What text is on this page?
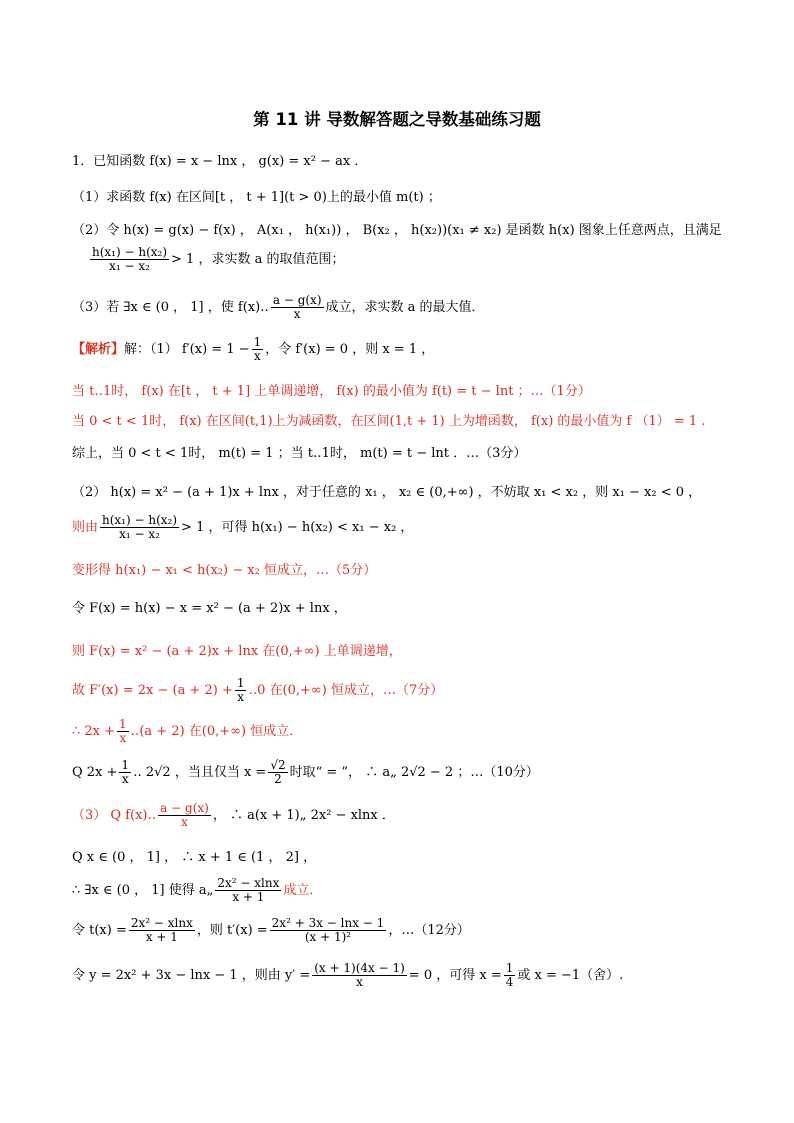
第 11 讲 导数解答题之导数基础练习题
1．已知函数 f(x) = x − lnx ， g(x) = x² − ax ．
（1）求函数 f(x) 在区间[t ， t + 1](t > 0)上的最小值 m(t) ；
（2）令 h(x) = g(x) − f(x) ， A(x₁ ， h(x₁)) ， B(x₂ ， h(x₂))(x₁ ≠ x₂) 是函数 h(x) 图象上任意两点，且满足
$\frac{\text{h(x₁) − h(x₂)}}{\text{x₁ − x₂}} > 1$ ，求实数 a 的取值范围；
（3）若 ∃x ∈ (0 ， 1] ，使 f(x)‥ $\frac{a - g(x)}{x}$ 成立，求实数 a 的最大值．
【解析】解：（1） $f'(x) = 1 - \frac{1}{x}$ ，令 f′(x) = 0 ，则 x = 1 ，
当 t‥1时， f(x) 在[t ， t + 1] 上单调递增， f(x) 的最小值为 f(t) = t − lnt ；…（1分）
当 0 < t < 1时， f(x) 在区间(t,1)上为减函数，在区间(1,t + 1) 上为增函数， f(x) 的最小值为 f （1） = 1 .
综上，当 0 < t < 1时， m(t) = 1 ；当 t‥1时， m(t) = t − lnt ．…（3分）
（2） h(x) = x² − (a + 1)x + lnx ，对于任意的 x₁ ， x₂ ∈ (0,+∞) ，不妨取 x₁ < x₂ ，则 x₁ − x₂ < 0 ，
则由 $\frac{\text{h(x₁) − h(x₂)}}{\text{x₁ − x₂}} > 1$ ，可得 h(x₁) − h(x₂) < x₁ − x₂ ，
变形得 h(x₁) − x₁ < h(x₂) − x₂ 恒成立，…（5分）
令 F(x) = h(x) − x = x² − (a + 2)x + lnx ，
则 F(x) = x² − (a + 2)x + lnx 在(0,+∞) 上单调递增，
故 $F'(x) = 2x - (a + 2) + \frac{1}{x}$ ‥0 在(0,+∞) 恒成立，…（7分）
∴ $2x + \frac{1}{x}$ ‥(a + 2) 在(0,+∞) 恒成立．
Q $2x + \frac{1}{x}$ ‥ 2√2 ，当且仅当 $x = \frac{√2}{2}$ 时取“ = ”， ∴ a„ 2√2 − 2 ；…（10分）
（3） Q f(x)‥ $\frac{a - g(x)}{x}$ ， ∴ a(x + 1)„ 2x² − xlnx ．
Q x ∈ (0 ， 1] ， ∴ x + 1 ∈ (1 ， 2] ，
∴ ∃x ∈ (0 ， 1] 使得 a„ $\frac{\text{2x² − xlnx}}{x + 1}$ 成立．
令 $t(x) = \frac{\text{2x² − xlnx}}{x + 1}$ ，则 $t'(x) = \frac{\text{2x² + 3x − lnx − 1}}{\text{(x + 1)²}}$ ，…（12分）
令 y = 2x² + 3x − lnx − 1 ，则由 $y' = \frac{(x + 1)(4x - 1)}{x} = 0$ ，可得 $x = \frac{1}{4}$ 或 x = −1（舍）.
